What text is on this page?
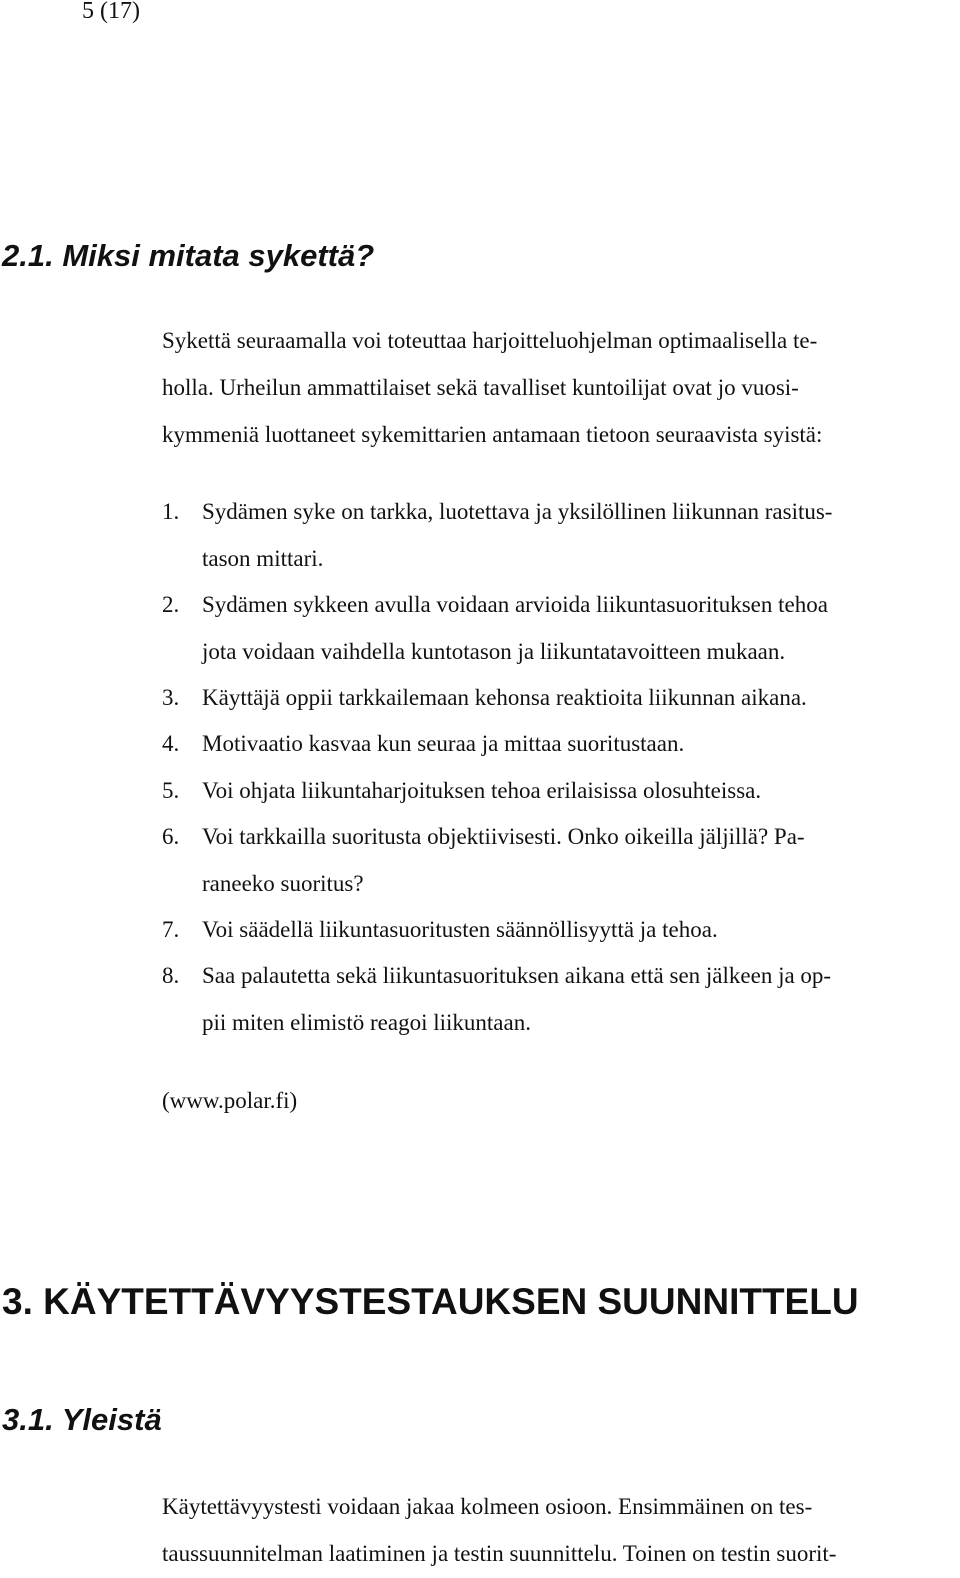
5 (17)
2.1. Miksi mitata sykettä?
Sykettä seuraamalla voi toteuttaa harjoitteluohjelman optimaalisella te-
holla. Urheilun ammattilaiset sekä tavalliset kuntoilijat ovat jo vuosi-
kymmeniä luottaneet sykemittarien antamaan tietoon seuraavista syistä:
1. Sydämen syke on tarkka, luotettava ja yksilöllinen liikunnan rasitus-
tason mittari.
2. Sydämen sykkeen avulla voidaan arvioida liikuntasuorituksen tehoa
jota voidaan vaihdella kuntotason ja liikuntatavoitteen mukaan.
3. Käyttäjä oppii tarkkailemaan kehonsa reaktioita liikunnan aikana.
4. Motivaatio kasvaa kun seuraa ja mittaa suoritustaan.
5. Voi ohjata liikuntaharjoituksen tehoa erilaisissa olosuhteissa.
6. Voi tarkkailla suoritusta objektiivisesti. Onko oikeilla jäljillä? Pa-
raneeko suoritus?
7. Voi säädellä liikuntasuoritusten säännöllisyyttä ja tehoa.
8. Saa palautetta sekä liikuntasuorituksen aikana että sen jälkeen ja op-
pii miten elimistö reagoi liikuntaan.
(www.polar.fi)
3. KÄYTETTÄVYYSTESTAUKSEN SUUNNITTELU
3.1. Yleistä
Käytettävyystesti voidaan jakaa kolmeen osioon. Ensimmäinen on tes-
taussuunnitelman laatiminen ja testin suunnittelu. Toinen on testin suorit-
